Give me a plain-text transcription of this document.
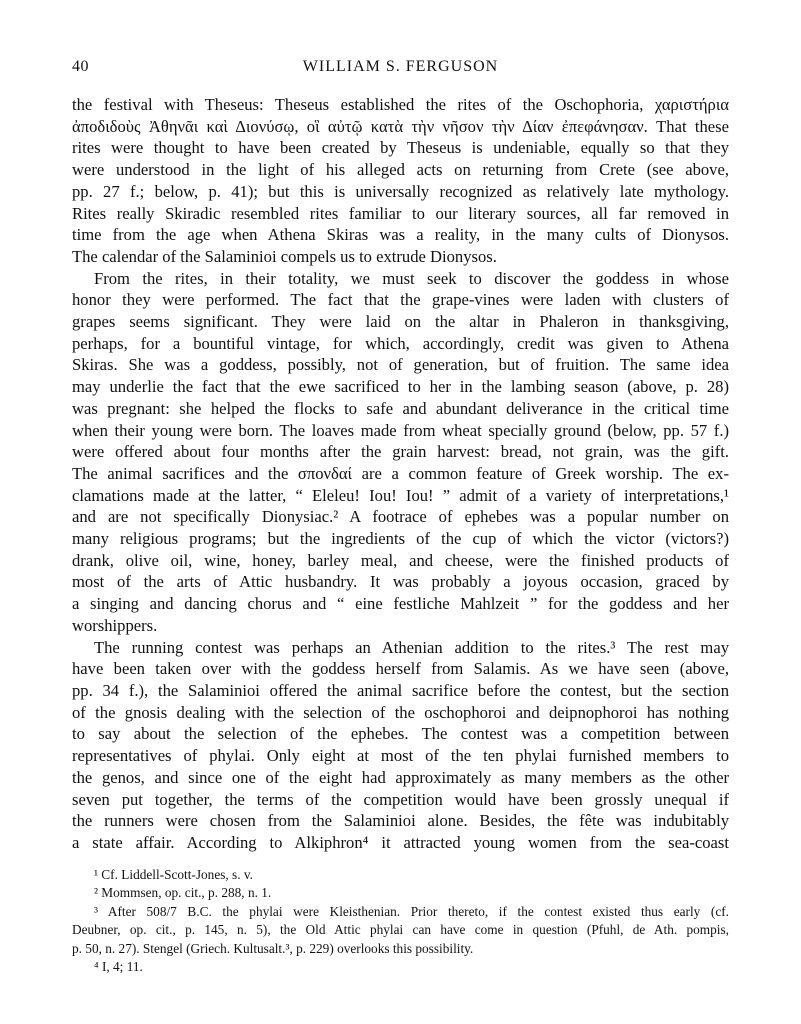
40	WILLIAM S. FERGUSON

the festival with Theseus: Theseus established the rites of the Oschophoria, χαριστήρια
ἀποδιδοὺς Ἀθηνᾶι καὶ Διονύσῳ, οἳ αὐτῷ κατὰ τὴν νῆσον τὴν Δίαν ἐπεφάνησαν. That these
rites were thought to have been created by Theseus is undeniable, equally so that they
were understood in the light of his alleged acts on returning from Crete (see above,
pp. 27 f.; below, p. 41); but this is universally recognized as relatively late mythology.
Rites really Skiradic resembled rites familiar to our literary sources, all far removed in
time from the age when Athena Skiras was a reality, in the many cults of Dionysos.
The calendar of the Salaminioi compels us to extrude Dionysos.

From the rites, in their totality, we must seek to discover the goddess in whose
honor they were performed. The fact that the grape-vines were laden with clusters of
grapes seems significant. They were laid on the altar in Phaleron in thanksgiving,
perhaps, for a bountiful vintage, for which, accordingly, credit was given to Athena
Skiras. She was a goddess, possibly, not of generation, but of fruition. The same idea
may underlie the fact that the ewe sacrificed to her in the lambing season (above, p. 28)
was pregnant: she helped the flocks to safe and abundant deliverance in the critical time
when their young were born. The loaves made from wheat specially ground (below, pp. 57 f.)
were offered about four months after the grain harvest: bread, not grain, was the gift.
The animal sacrifices and the σπονδαί are a common feature of Greek worship. The ex-
clamations made at the latter, “ Eleleu! Iou! Iou! ” admit of a variety of interpretations,¹
and are not specifically Dionysiac.² A footrace of ephebes was a popular number on
many religious programs; but the ingredients of the cup of which the victor (victors?)
drank, olive oil, wine, honey, barley meal, and cheese, were the finished products of
most of the arts of Attic husbandry. It was probably a joyous occasion, graced by
a singing and dancing chorus and “ eine festliche Mahlzeit ” for the goddess and her
worshippers.

The running contest was perhaps an Athenian addition to the rites.³ The rest may
have been taken over with the goddess herself from Salamis. As we have seen (above,
pp. 34 f.), the Salaminioi offered the animal sacrifice before the contest, but the section
of the gnosis dealing with the selection of the oschophoroi and deipnophoroi has nothing
to say about the selection of the ephebes. The contest was a competition between
representatives of phylai. Only eight at most of the ten phylai furnished members to
the genos, and since one of the eight had approximately as many members as the other
seven put together, the terms of the competition would have been grossly unequal if
the runners were chosen from the Salaminioi alone. Besides, the fête was indubitably
a state affair. According to Alkiphron⁴ it attracted young women from the sea-coast

¹ Cf. Liddell-Scott-Jones, s. v.
² Mommsen, op. cit., p. 288, n. 1.
³ After 508/7 B.C. the phylai were Kleisthenian. Prior thereto, if the contest existed thus early (cf.
Deubner, op. cit., p. 145, n. 5), the Old Attic phylai can have come in question (Pfuhl, de Ath. pompis,
p. 50, n. 27). Stengel (Griech. Kultusalt.³, p. 229) overlooks this possibility.
⁴ I, 4; 11.
